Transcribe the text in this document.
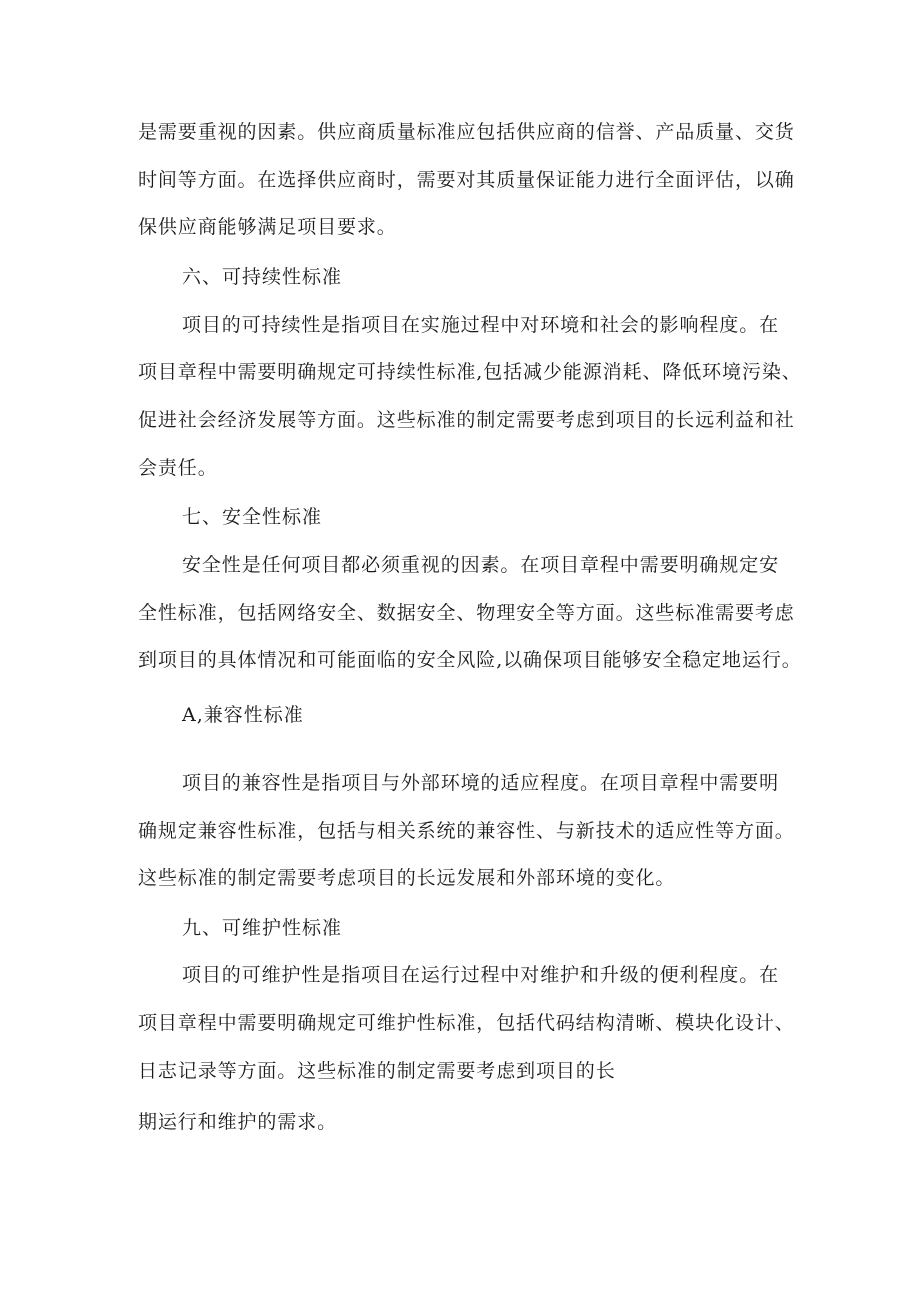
是需要重视的因素。供应商质量标准应包括供应商的信誉、产品质量、交货
时间等方面。在选择供应商时，需要对其质量保证能力进行全面评估，以确
保供应商能够满足项目要求。
六、可持续性标准
项目的可持续性是指项目在实施过程中对环境和社会的影响程度。在
项目章程中需要明确规定可持续性标准,包括减少能源消耗、降低环境污染、
促进社会经济发展等方面。这些标准的制定需要考虑到项目的长远利益和社
会责任。
七、安全性标准
安全性是任何项目都必须重视的因素。在项目章程中需要明确规定安
全性标准，包括网络安全、数据安全、物理安全等方面。这些标准需要考虑
到项目的具体情况和可能面临的安全风险,以确保项目能够安全稳定地运行。
A,兼容性标准
项目的兼容性是指项目与外部环境的适应程度。在项目章程中需要明
确规定兼容性标准，包括与相关系统的兼容性、与新技术的适应性等方面。
这些标准的制定需要考虑项目的长远发展和外部环境的变化。
九、可维护性标准
项目的可维护性是指项目在运行过程中对维护和升级的便利程度。在
项目章程中需要明确规定可维护性标准，包括代码结构清晰、模块化设计、
日志记录等方面。这些标准的制定需要考虑到项目的长
期运行和维护的需求。
